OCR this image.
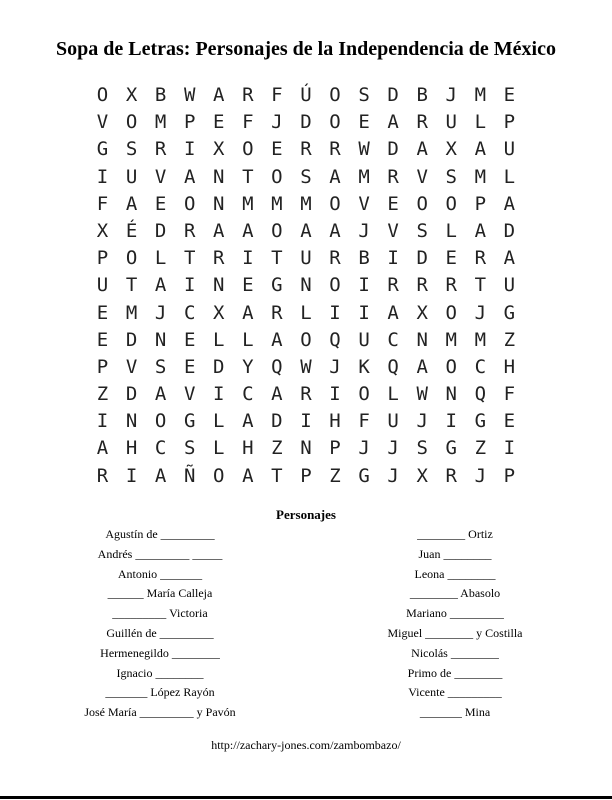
Sopa de Letras: Personajes de la Independencia de México
O X B W A R F Ú O S D B J M E
V O M P E F J D O E A R U L P
G S R I X O E R R W D A X A U
I U V A N T O S A M R V S M L
F A E O N M M M O V E O O P A
X É D R A A O A A J V S L A D
P O L T R I T U R B I D E R A
U T A I N E G N O I R R R T U
E M J C X A R L I I A X O J G
E D N E L L A O Q U C N M M Z
P V S E D Y Q W J K Q A O C H
Z D A V I C A R I O L W N Q F
I N O G L A D I H F U J I G E
A H C S L H Z N P J J S G Z I
R I A Ñ O A T P Z G J X R J P
Personajes
Agustín de _________
Andrés _________ _____
Antonio _______
______ María Calleja
_________ Victoria
Guillén de _________
Hermenegildo ________
Ignacio ________
_______ López Rayón
José María _________ y Pavón
________ Ortiz
Juan ________
Leona ________
________ Abasolo
Mariano _________
Miguel ________ y Costilla
Nicolás ________
Primo de ________
Vicente _________
_______ Mina
http://zachary-jones.com/zambombazo/
